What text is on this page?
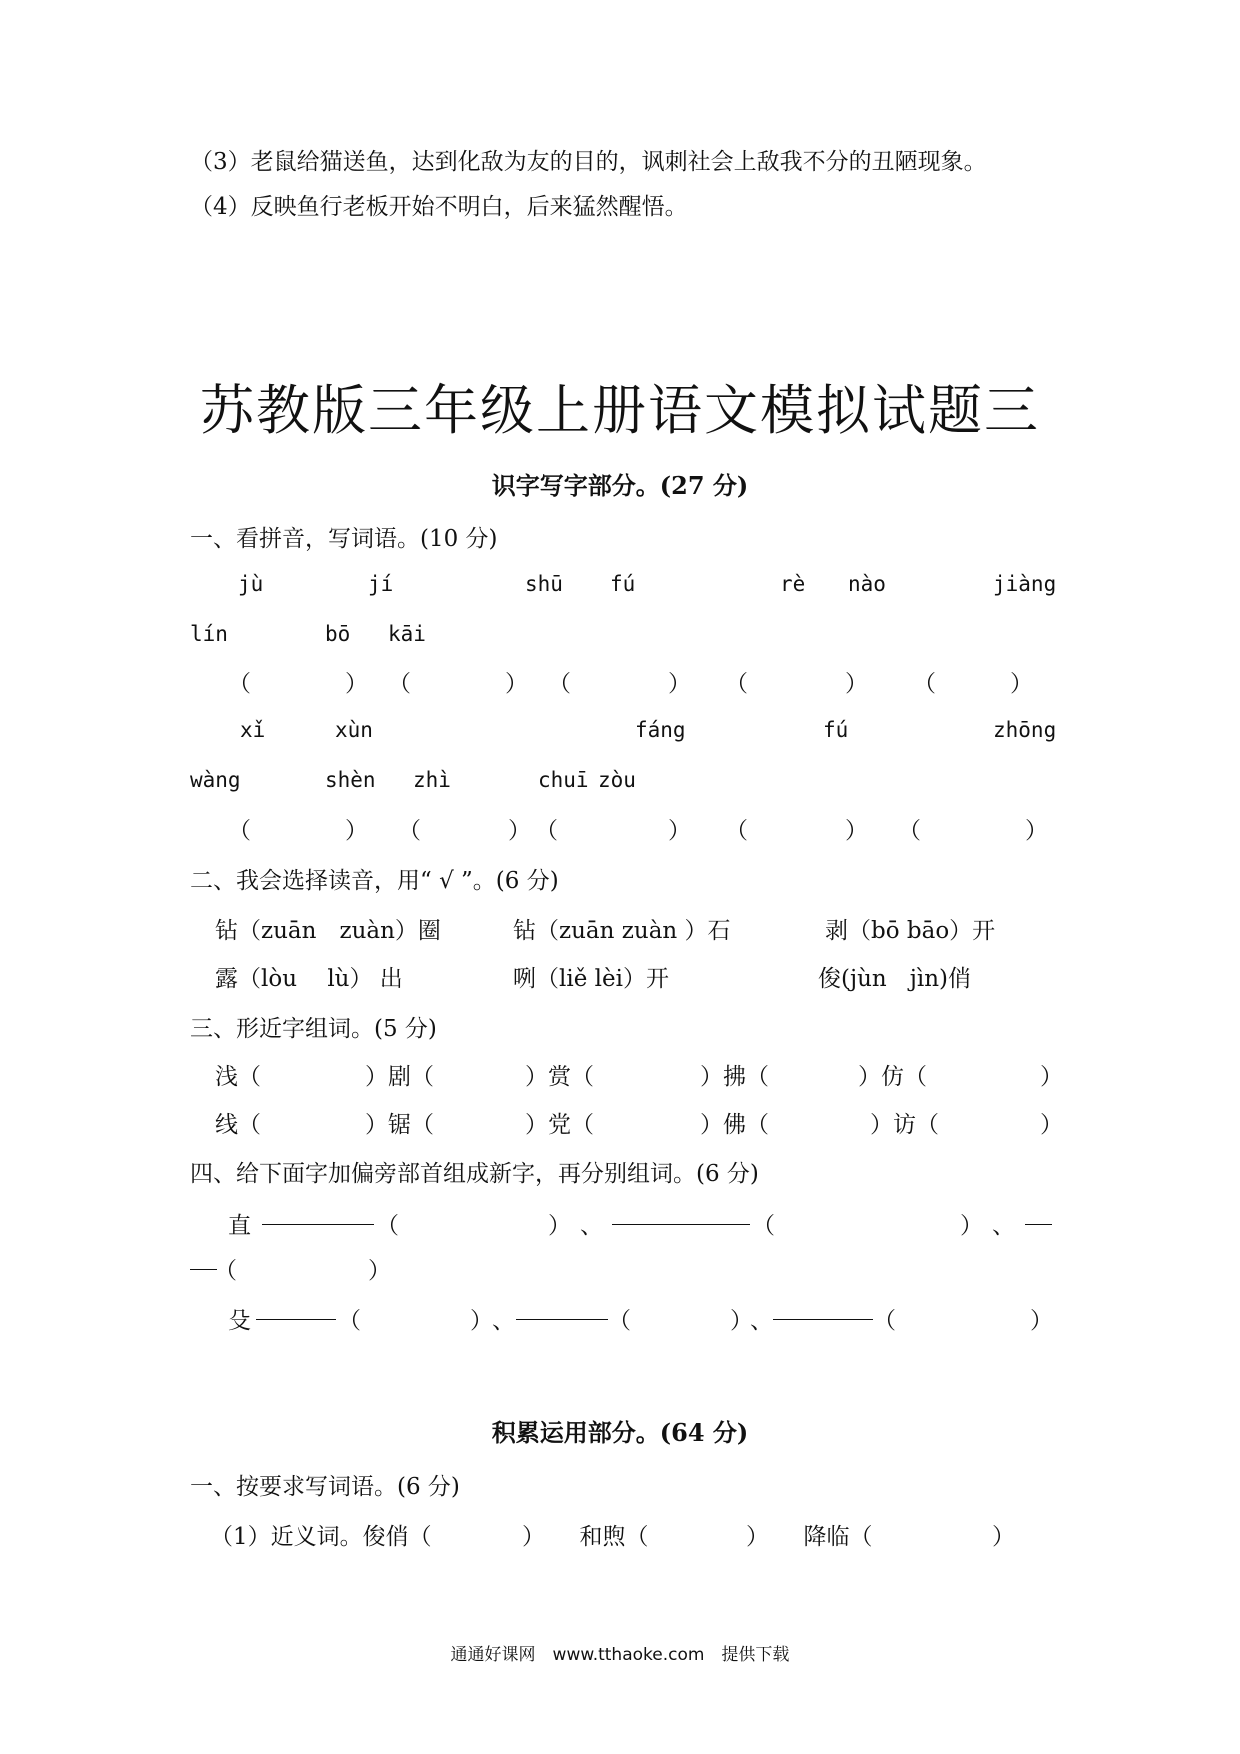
（3）老鼠给猫送鱼，达到化敌为友的目的，讽刺社会上敌我不分的丑陋现象。
（4）反映鱼行老板开始不明白，后来猛然醒悟。
苏教版三年级上册语文模拟试题三
识字写字部分。(27 分)
一、看拼音，写词语。(10 分)
jù	jí	shū fú	rè nào	jiàng
lín	bō kāi
（	） （	） （	） （	） （	）
xǐ	xùn	fáng	fú	zhōng
wàng	shèn zhì	chuī zòu
（	） （	） （	） （	） （	）
二、我会选择读音，用“ √ ”。(6 分)
钻（zuān　zuàn）圈	钻（zuān zuàn ）石	剥（bō bāo）开
露（lòu　 lù） 出	咧（liě lèi）开	俊(jùn　jìn)俏
三、形近字组词。(5 分)
浅（	）剧（	）赏（	）拂（	）仿（	）
线（	）锯（	）党（	）佛（	）访（	）
四、给下面字加偏旁部首组成新字，再分别组词。(6 分)
直	（	） 、	（	） 、
（	）
殳	（	） 、	（	）
、	（	）
积累运用部分。(64 分)
一、按要求写词语。(6 分)
（1）近义词。俊俏（	）　　和煦（	）　　降临（	）
通通好课网　www.tthaoke.com　提供下载
